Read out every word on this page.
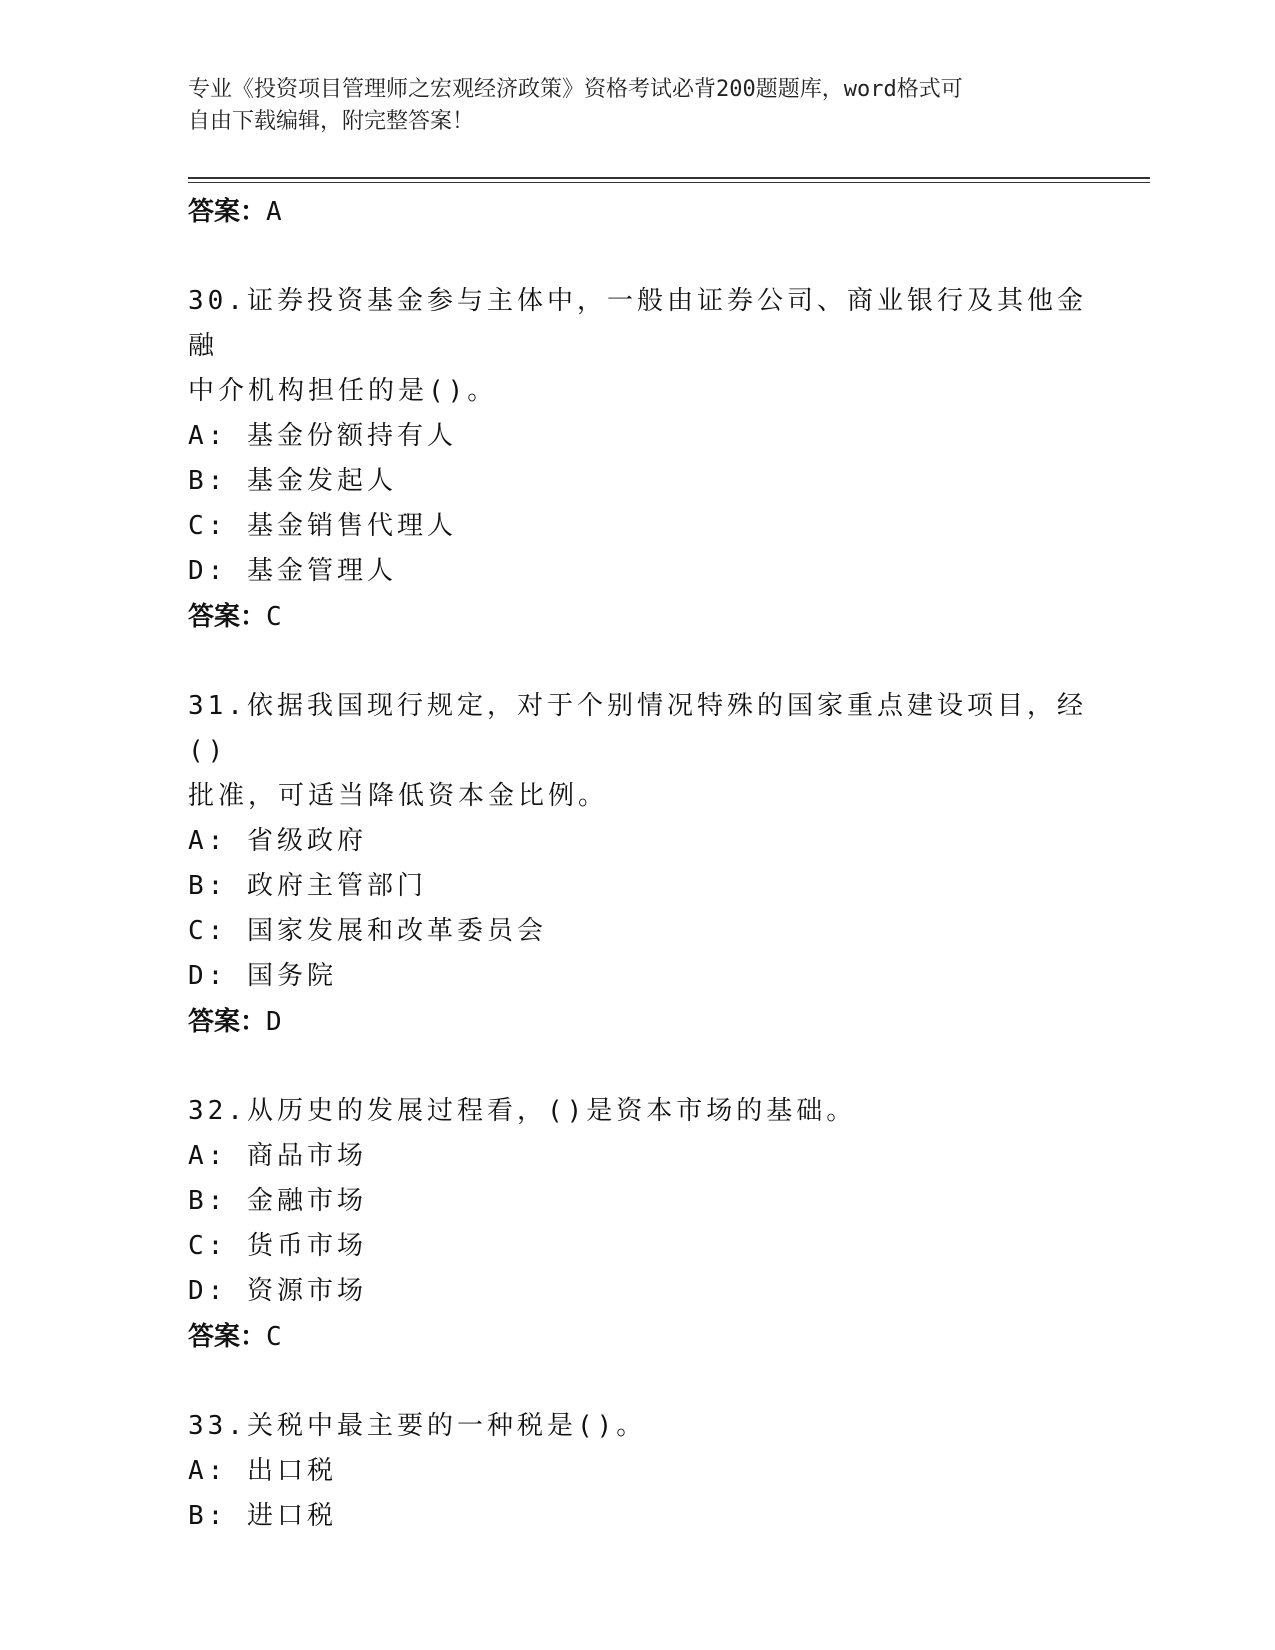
专业《投资项目管理师之宏观经济政策》资格考试必背200题题库，word格式可
自由下载编辑，附完整答案！
答案：A
30.证券投资基金参与主体中，一般由证券公司、商业银行及其他金融
中介机构担任的是()。
A: 基金份额持有人
B: 基金发起人
C: 基金销售代理人
D: 基金管理人
答案：C
31.依据我国现行规定，对于个别情况特殊的国家重点建设项目，经()
批准，可适当降低资本金比例。
A: 省级政府
B: 政府主管部门
C: 国家发展和改革委员会
D: 国务院
答案：D
32.从历史的发展过程看，()是资本市场的基础。
A: 商品市场
B: 金融市场
C: 货币市场
D: 资源市场
答案：C
33.关税中最主要的一种税是()。
A: 出口税
B: 进口税
